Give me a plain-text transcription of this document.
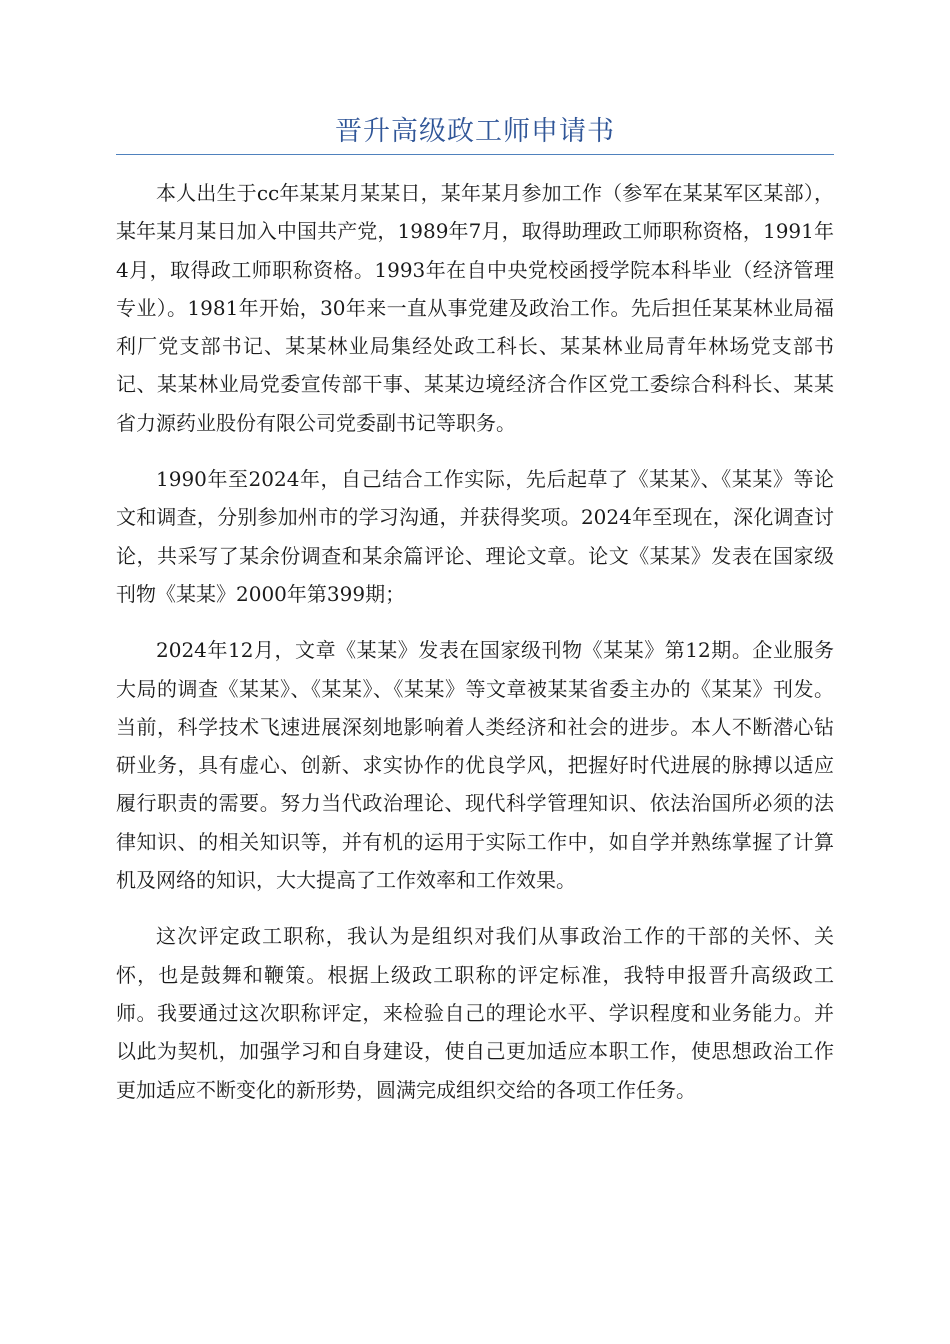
晋升高级政工师申请书

本人出生于cc年某某月某某日，某年某月参加工作（参军在某某军区某部），某年某月某日加入中国共产党，1989年7月，取得助理政工师职称资格，1991年4月，取得政工师职称资格。1993年在自中央党校函授学院本科毕业（经济管理专业）。1981年开始，30年来一直从事党建及政治工作。先后担任某某林业局福利厂党支部书记、某某林业局集经处政工科长、某某林业局青年林场党支部书记、某某林业局党委宣传部干事、某某边境经济合作区党工委综合科科长、某某省力源药业股份有限公司党委副书记等职务。

1990年至2024年，自己结合工作实际，先后起草了《某某》、《某某》等论文和调查，分别参加州市的学习沟通，并获得奖项。2024年至现在，深化调查讨论，共采写了某余份调查和某余篇评论、理论文章。论文《某某》发表在国家级刊物《某某》2000年第399期；

2024年12月，文章《某某》发表在国家级刊物《某某》第12期。企业服务大局的调查《某某》、《某某》、《某某》等文章被某某省委主办的《某某》刊发。当前，科学技术飞速进展深刻地影响着人类经济和社会的进步。本人不断潜心钻研业务，具有虚心、创新、求实协作的优良学风，把握好时代进展的脉搏以适应履行职责的需要。努力当代政治理论、现代科学管理知识、依法治国所必须的法律知识、的相关知识等，并有机的运用于实际工作中，如自学并熟练掌握了计算机及网络的知识，大大提高了工作效率和工作效果。

这次评定政工职称，我认为是组织对我们从事政治工作的干部的关怀、关怀，也是鼓舞和鞭策。根据上级政工职称的评定标准，我特申报晋升高级政工师。我要通过这次职称评定，来检验自己的理论水平、学识程度和业务能力。并以此为契机，加强学习和自身建设，使自己更加适应本职工作，使思想政治工作更加适应不断变化的新形势，圆满完成组织交给的各项工作任务。
